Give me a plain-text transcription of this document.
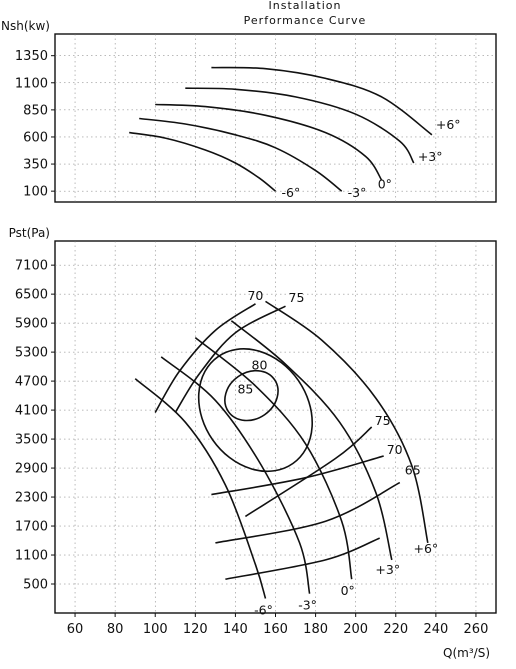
Installation
Performance Curve
Nsh(kw)
100
350
600
850
1100
1350
-6°	-3°
0°
+3°
+6°
Pst(Pa)
Q(m³/S)
500
1100
1700
2300
2900
3500
4100
4700
5300
5900
6500
7100
60 80 100 120 140 160 180 200 220 240 260
70 75
75
70
65
80
85
-6° -3°
0°
+3°
+6°
